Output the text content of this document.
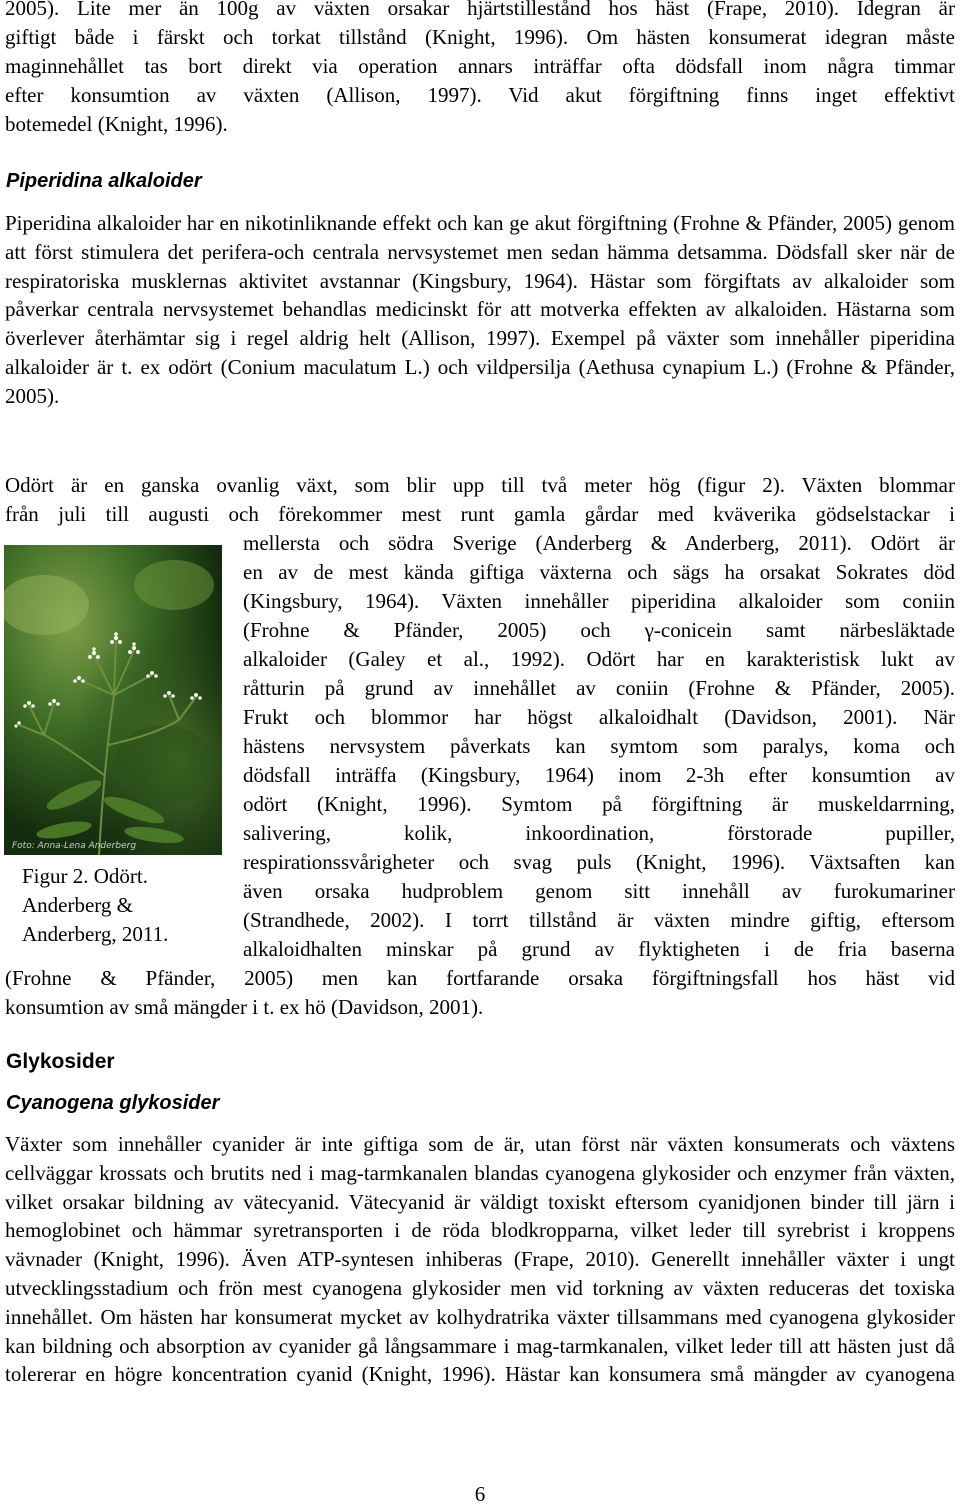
2005). Lite mer än 100g av växten orsakar hjärtstillestånd hos häst (Frape, 2010). Idegran är
giftigt både i färskt och torkat tillstånd (Knight, 1996). Om hästen konsumerat idegran måste
maginnehållet tas bort direkt via operation annars inträffar ofta dödsfall inom några timmar
efter konsumtion av växten (Allison, 1997). Vid akut förgiftning finns inget effektivt
botemedel (Knight, 1996).
Piperidina alkaloider

Piperidina alkaloider har en nikotinliknande effekt och kan ge akut förgiftning (Frohne & Pfänder, 2005) genom att först stimulera det perifera-och centrala nervsystemet men sedan hämma detsamma. Dödsfall sker när de respiratoriska musklernas aktivitet avstannar (Kingsbury, 1964). Hästar som förgiftats av alkaloider som påverkar centrala nervsystemet behandlas medicinskt för att motverka effekten av alkaloiden. Hästarna som överlever återhämtar sig i regel aldrig helt (Allison, 1997). Exempel på växter som innehåller piperidina alkaloider är t. ex odört (Conium maculatum L.) och vildpersilja (Aethusa cynapium L.) (Frohne & Pfänder, 2005).

Odört är en ganska ovanlig växt, som blir upp till två meter hög (figur 2). Växten blommar
från juli till augusti och förekommer mest runt gamla gårdar med kväverika gödselstackar i
mellersta och södra Sverige (Anderberg & Anderberg, 2011). Odört är
en av de mest kända giftiga växterna och sägs ha orsakat Sokrates död
(Kingsbury, 1964). Växten innehåller piperidina alkaloider som coniin
(Frohne & Pfänder, 2005) och γ-conicein samt närbesläktade
alkaloider (Galey et al., 1992). Odört har en karakteristisk lukt av
råtturin på grund av innehållet av coniin (Frohne & Pfänder, 2005).
Frukt och blommor har högst alkaloidhalt (Davidson, 2001). När
hästens nervsystem påverkats kan symtom som paralys, koma och
dödsfall inträffa (Kingsbury, 1964) inom 2-3h efter konsumtion av
odört (Knight, 1996). Symtom på förgiftning är muskeldarrning,
salivering, kolik, inkoordination, förstorade pupiller,
respirationssvårigheter och svag puls (Knight, 1996). Växtsaften kan
även orsaka hudproblem genom sitt innehåll av furokumariner
(Strandhede, 2002). I torrt tillstånd är växten mindre giftig, eftersom
alkaloidhalten minskar på grund av flyktigheten i de fria baserna
(Frohne & Pfänder, 2005) men kan fortfarande orsaka förgiftningsfall hos häst vid
konsumtion av små mängder i t. ex hö (Davidson, 2001).
Foto: Anna-Lena Anderberg
Figur 2. Odört.
Anderberg &
Anderberg, 2011.
Glykosider
Cyanogena glykosider

Växter som innehåller cyanider är inte giftiga som de är, utan först när växten konsumerats och växtens cellväggar krossats och brutits ned i mag-tarmkanalen blandas cyanogena glykosider och enzymer från växten, vilket orsakar bildning av vätecyanid. Vätecyanid är väldigt toxiskt eftersom cyanidjonen binder till järn i hemoglobinet och hämmar syretransporten i de röda blodkropparna, vilket leder till syrebrist i kroppens vävnader (Knight, 1996). Även ATP-syntesen inhiberas (Frape, 2010). Generellt innehåller växter i ungt utvecklingsstadium och frön mest cyanogena glykosider men vid torkning av växten reduceras det toxiska innehållet. Om hästen har konsumerat mycket av kolhydratrika växter tillsammans med cyanogena glykosider kan bildning och absorption av cyanider gå långsammare i mag-tarmkanalen, vilket leder till att hästen just då tolererar en högre koncentration cyanid (Knight, 1996). Hästar kan konsumera små mängder av cyanogena

6
